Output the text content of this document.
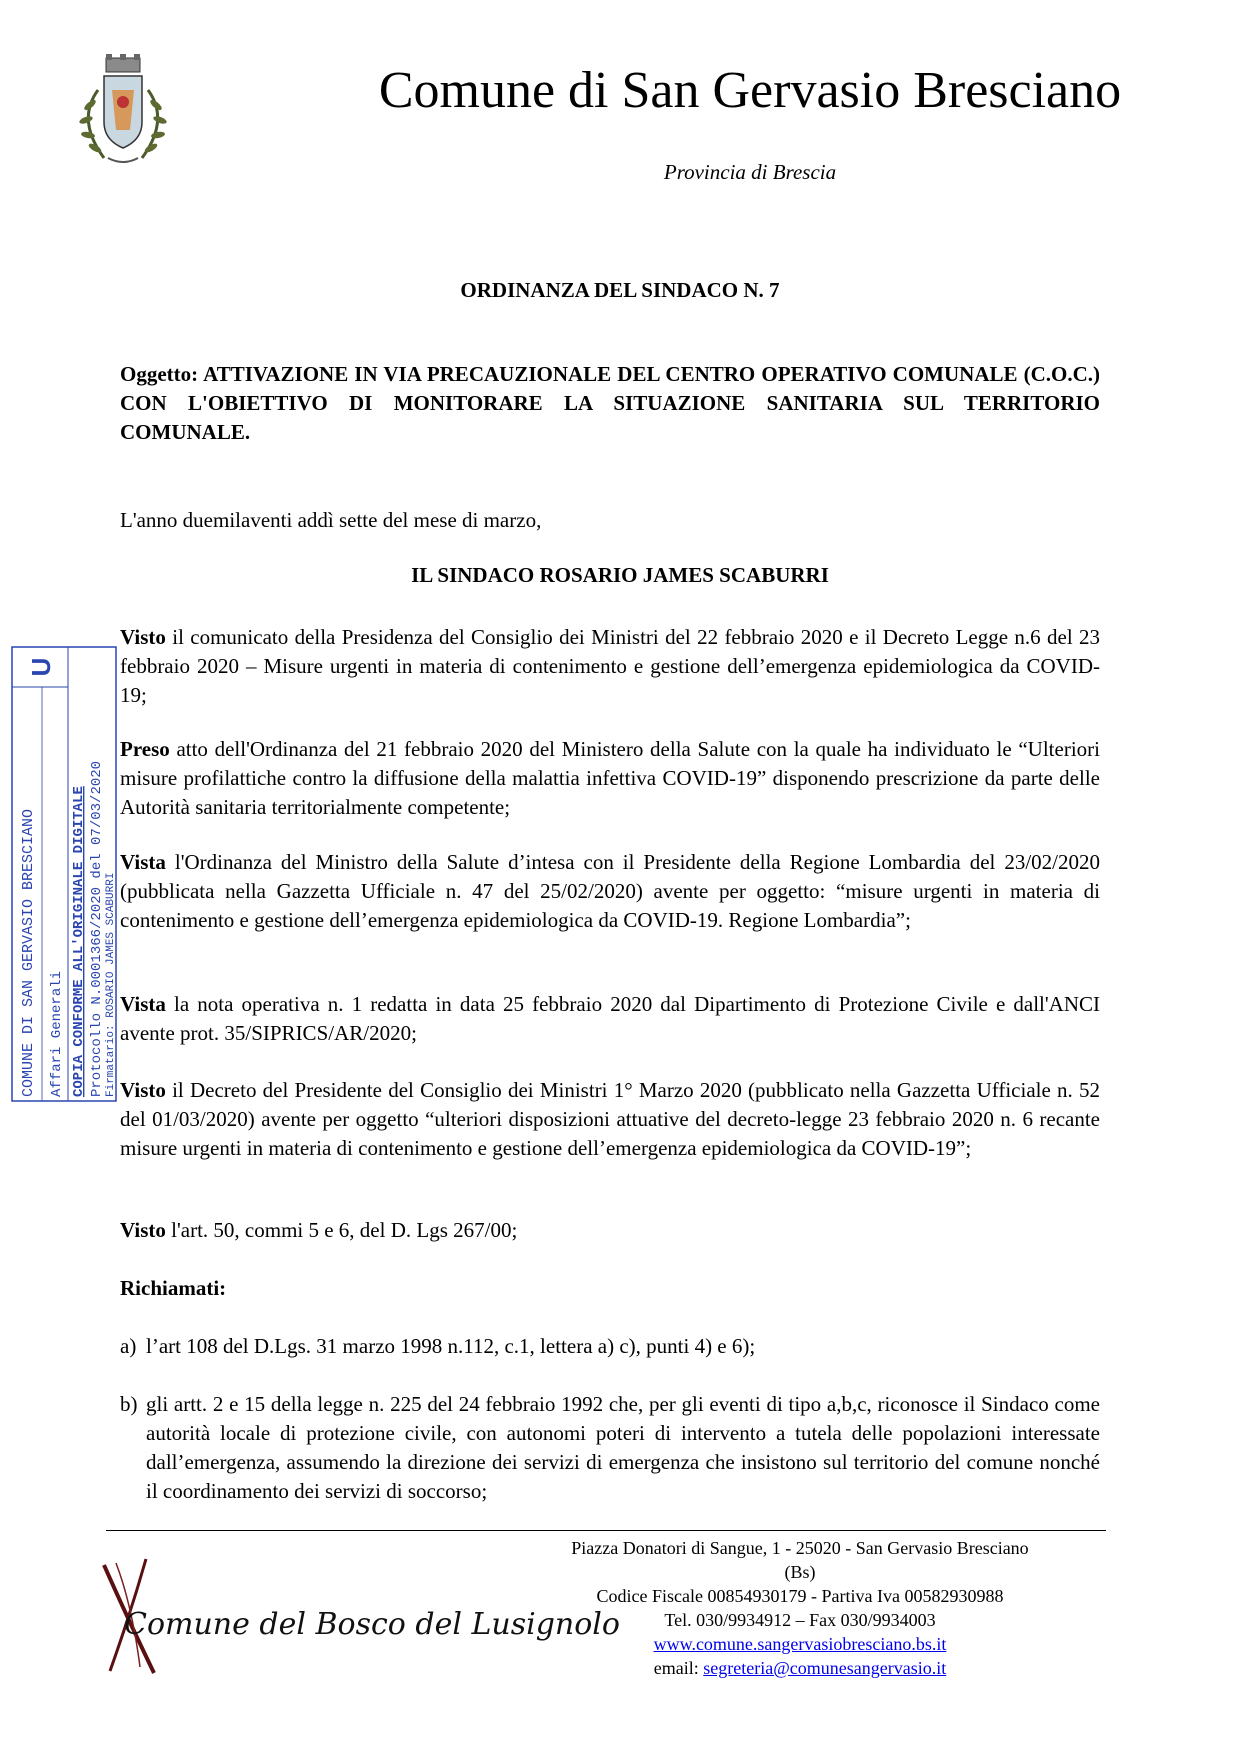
Comune di San Gervasio Bresciano
Provincia di Brescia
ORDINANZA DEL SINDACO N. 7
Oggetto: ATTIVAZIONE IN VIA PRECAUZIONALE DEL CENTRO OPERATIVO COMUNALE (C.O.C.) CON L'OBIETTIVO DI MONITORARE LA SITUAZIONE SANITARIA SUL TERRITORIO COMUNALE.
L'anno duemilaventi addì sette del mese di marzo,
IL SINDACO ROSARIO JAMES SCABURRI
Visto il comunicato della Presidenza del Consiglio dei Ministri del 22 febbraio 2020 e il Decreto Legge n.6 del 23 febbraio 2020 – Misure urgenti in materia di contenimento e gestione dell’emergenza epidemiologica da COVID-19;
Preso atto dell'Ordinanza del 21 febbraio 2020 del Ministero della Salute con la quale ha individuato le “Ulteriori misure profilattiche contro la diffusione della malattia infettiva COVID-19” disponendo prescrizione da parte delle Autorità sanitaria territorialmente competente;
Vista l'Ordinanza del Ministro della Salute d’intesa con il Presidente della Regione Lombardia del 23/02/2020 (pubblicata nella Gazzetta Ufficiale n. 47 del 25/02/2020) avente per oggetto: “misure urgenti in materia di contenimento e gestione dell’emergenza epidemiologica da COVID-19. Regione Lombardia”;
Vista la nota operativa n. 1 redatta in data 25 febbraio 2020 dal Dipartimento di Protezione Civile e dall'ANCI avente prot. 35/SIPRICS/AR/2020;
Visto il Decreto del Presidente del Consiglio dei Ministri 1° Marzo 2020 (pubblicato nella Gazzetta Ufficiale n. 52 del 01/03/2020) avente per oggetto “ulteriori disposizioni attuative del decreto-legge 23 febbraio 2020 n. 6 recante misure urgenti in materia di contenimento e gestione dell’emergenza epidemiologica da COVID-19”;
Visto l'art. 50, commi 5 e 6, del D. Lgs 267/00;
Richiamati:
a) l’art 108 del D.Lgs. 31 marzo 1998 n.112, c.1, lettera a) c), punti 4) e 6);
b) gli artt. 2 e 15 della legge n. 225 del 24 febbraio 1992 che, per gli eventi di tipo a,b,c, riconosce il Sindaco come autorità locale di protezione civile, con autonomi poteri di intervento a tutela delle popolazioni interessate dall’emergenza, assumendo la direzione dei servizi di emergenza che insistono sul territorio del comune nonché il coordinamento dei servizi di soccorso;
U
COMUNE DI SAN GERVASIO BRESCIANO Affari Generali COPIA CONFORME ALL'ORIGINALE DIGITALE Protocollo N.0001366/2020 del 07/03/2020 Firmatario: ROSARIO JAMES SCABURRI
Comune del Bosco del Lusignolo
Piazza Donatori di Sangue, 1 - 25020 - San Gervasio Bresciano
(Bs)
Codice Fiscale 00854930179 - Partiva Iva 00582930988
Tel. 030/9934912 – Fax 030/9934003
www.comune.sangervasiobresciano.bs.it
email: segreteria@comunesangervasio.it
